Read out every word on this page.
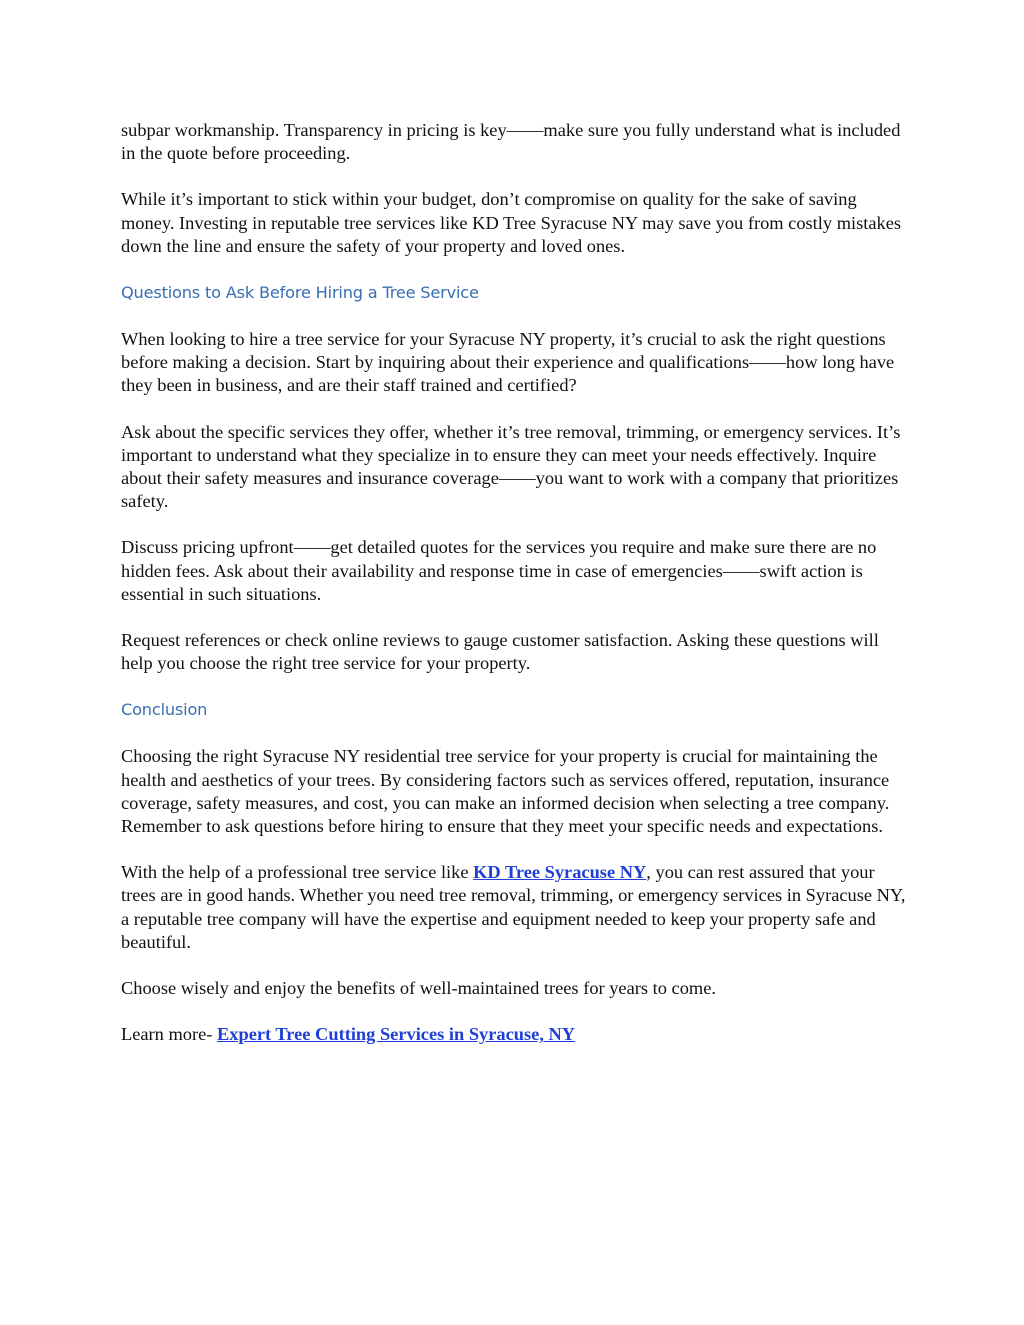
subpar workmanship. Transparency in pricing is key——make sure you fully understand what is included in the quote before proceeding.

While it’s important to stick within your budget, don’t compromise on quality for the sake of saving money. Investing in reputable tree services like KD Tree Syracuse NY may save you from costly mistakes down the line and ensure the safety of your property and loved ones.

Questions to Ask Before Hiring a Tree Service

When looking to hire a tree service for your Syracuse NY property, it’s crucial to ask the right questions before making a decision. Start by inquiring about their experience and qualifications——how long have they been in business, and are their staff trained and certified?

Ask about the specific services they offer, whether it’s tree removal, trimming, or emergency services. It’s important to understand what they specialize in to ensure they can meet your needs effectively. Inquire about their safety measures and insurance coverage——you want to work with a company that prioritizes safety.

Discuss pricing upfront——get detailed quotes for the services you require and make sure there are no hidden fees. Ask about their availability and response time in case of emergencies——swift action is essential in such situations.

Request references or check online reviews to gauge customer satisfaction. Asking these questions will help you choose the right tree service for your property.

Conclusion

Choosing the right Syracuse NY residential tree service for your property is crucial for maintaining the health and aesthetics of your trees. By considering factors such as services offered, reputation, insurance coverage, safety measures, and cost, you can make an informed decision when selecting a tree company. Remember to ask questions before hiring to ensure that they meet your specific needs and expectations.

With the help of a professional tree service like KD Tree Syracuse NY, you can rest assured that your trees are in good hands. Whether you need tree removal, trimming, or emergency services in Syracuse NY, a reputable tree company will have the expertise and equipment needed to keep your property safe and beautiful.

Choose wisely and enjoy the benefits of well-maintained trees for years to come.

Learn more- Expert Tree Cutting Services in Syracuse, NY
